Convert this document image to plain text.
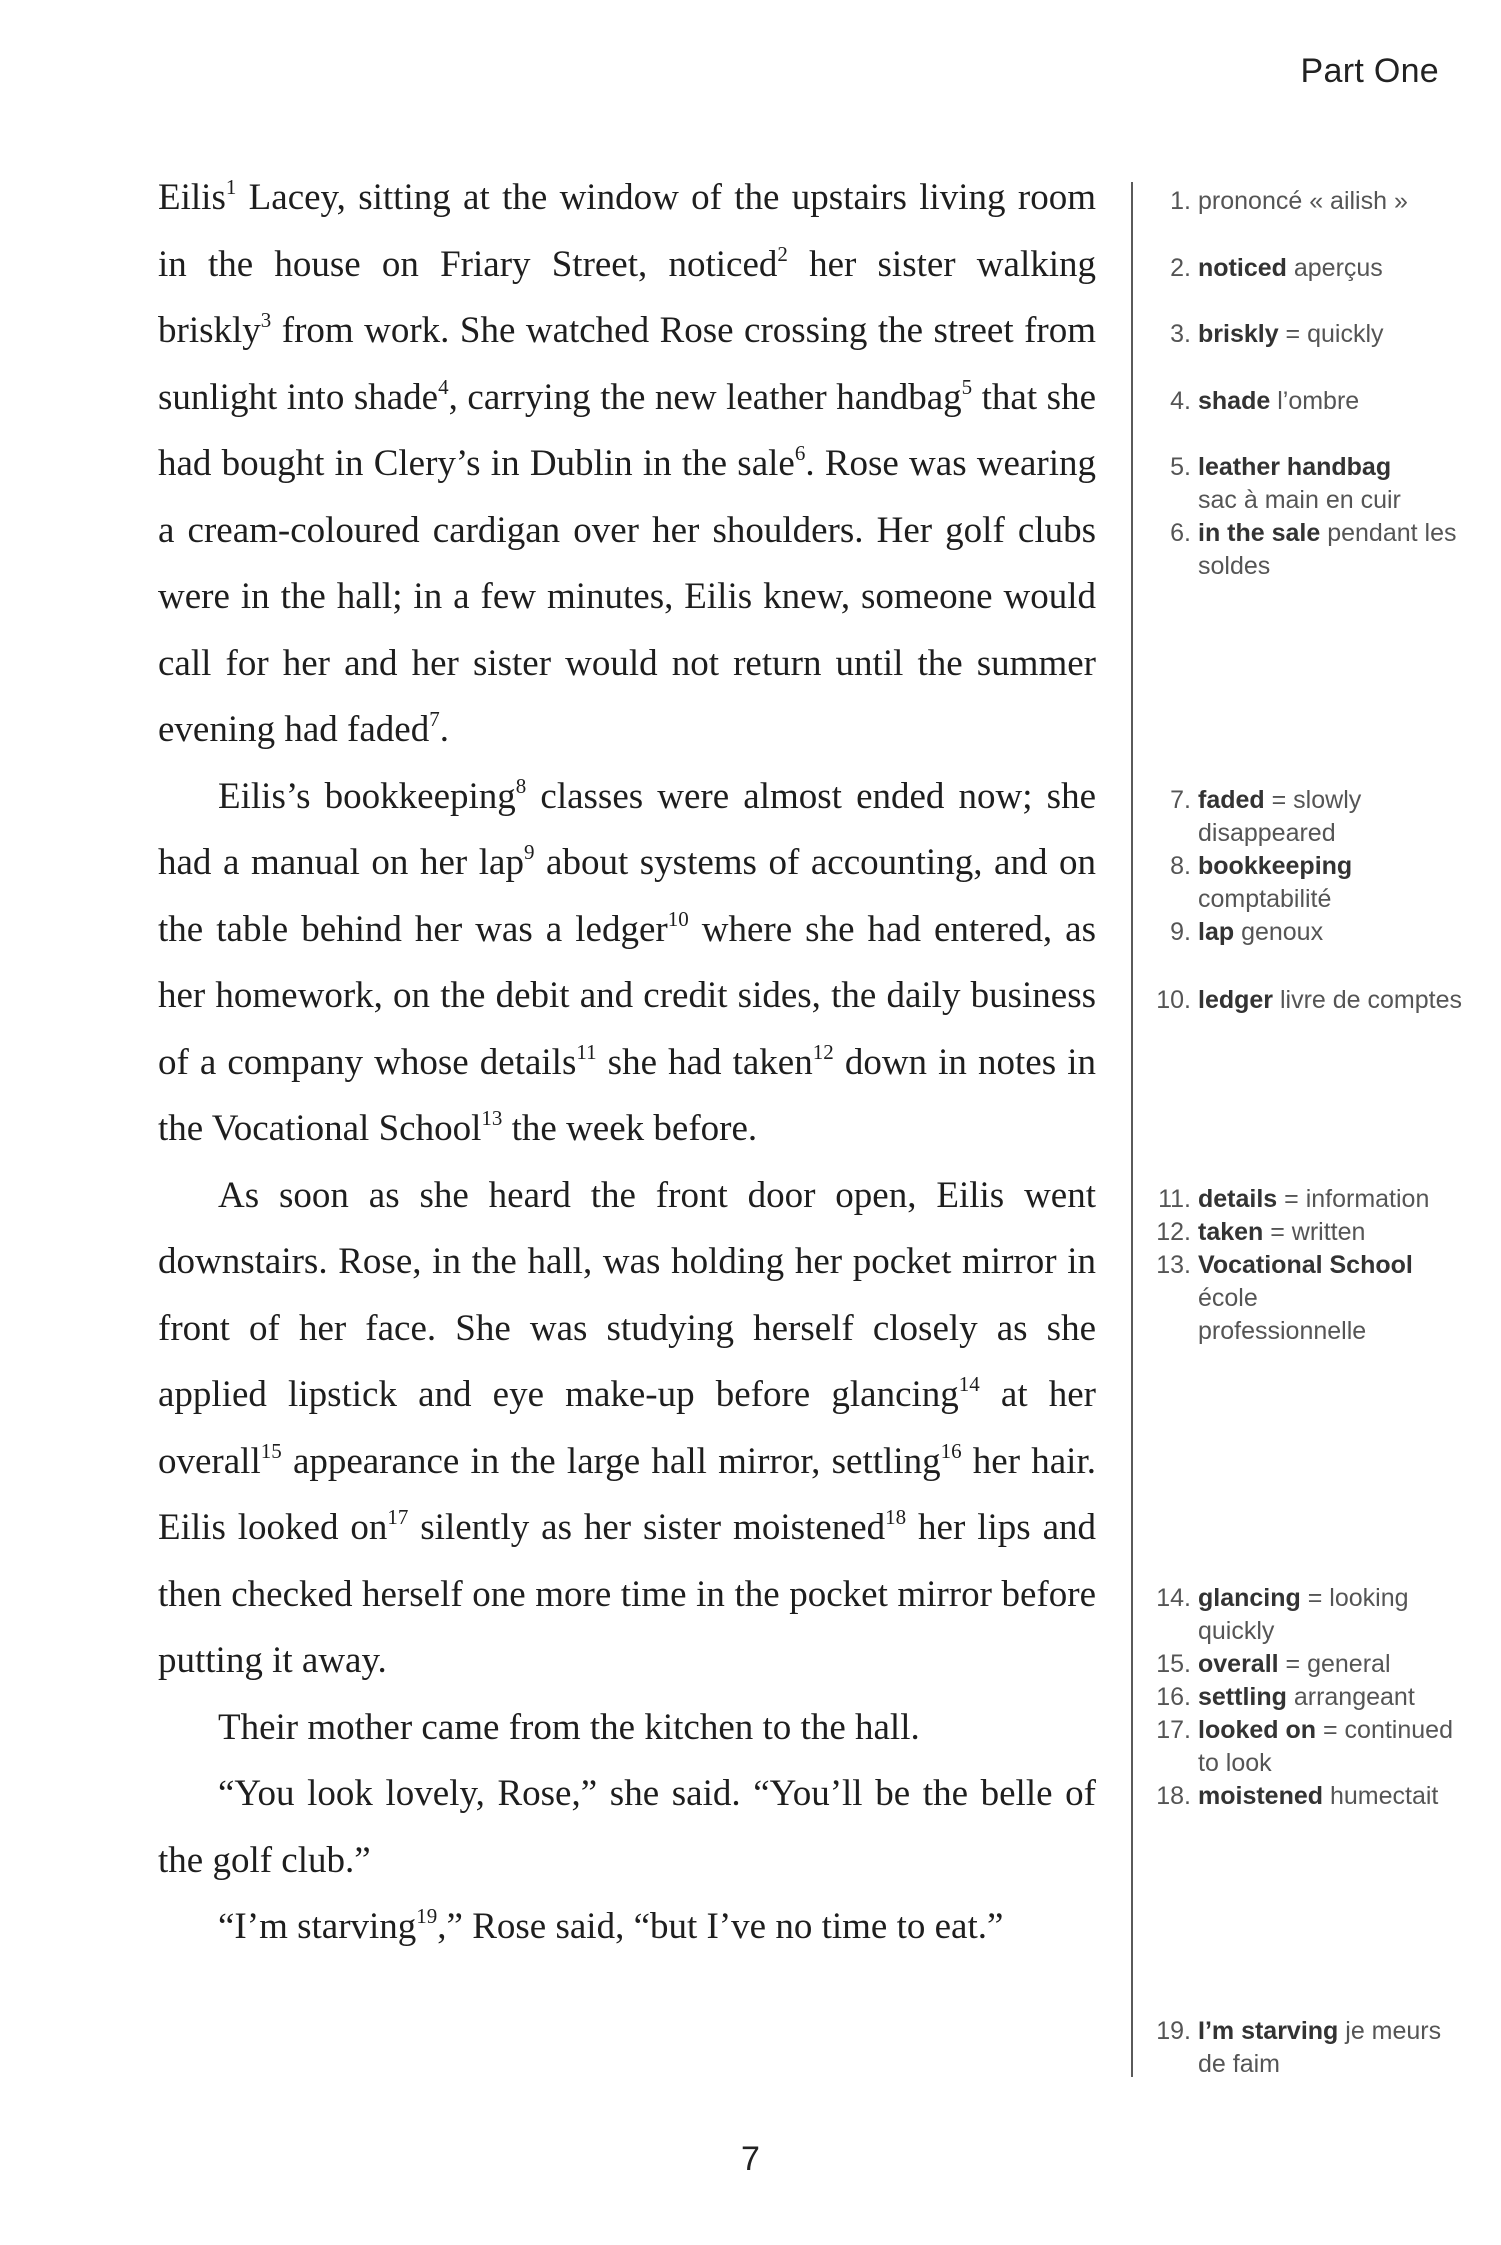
Part One

Eilis$^1$ Lacey, sitting at the window of the upstairs living room in the house on Friary Street, noticed$^2$ her sister walking briskly$^3$ from work. She watched Rose crossing the street from sunlight into shade$^4$, carrying the new leather handbag$^5$ that she had bought in Clery’s in Dublin in the sale$^6$. Rose was wearing a cream-coloured cardigan over her shoulders. Her golf clubs were in the hall; in a few minutes, Eilis knew, someone would call for her and her sister would not return until the summer evening had faded$^7$.

Eilis’s bookkeeping$^8$ classes were almost ended now; she had a manual on her lap$^9$ about systems of accounting, and on the table behind her was a ledger$^{10}$ where she had entered, as her homework, on the debit and credit sides, the daily business of a company whose details$^{11}$ she had taken$^{12}$ down in notes in the Vocational School$^{13}$ the week before.

As soon as she heard the front door open, Eilis went downstairs. Rose, in the hall, was holding her pocket mirror in front of her face. She was studying herself closely as she applied lipstick and eye make-up before glancing$^{14}$ at her overall$^{15}$ appearance in the large hall mirror, settling$^{16}$ her hair. Eilis looked $on^{17}$ silently as her sister moistened$^{18}$ her lips and then checked herself one more time in the pocket mirror before putting it away.

Their mother came from the kitchen to the hall.

“You look lovely, Rose,” she said. “You’ll be the belle of the golf club.”

“I’m starving$^{19}$,” Rose said, “but I’ve no time to eat.”

1. prononcé « ailish »
2. noticed aperçus
3. briskly = quickly
4. shade l’ombre
5. leather handbag sac à main en cuir
6. in the sale pendant les soldes
7. faded = slowly disappeared
8. bookkeeping comptabilité
9. lap genoux
10. ledger livre de comptes
11. details = information
12. taken = written
13. Vocational School école professionnelle
14. glancing = looking quickly
15. overall = general
16. settling arrangeant
17. looked on = continued to look
18. moistened humectait
19. I’m starving je meurs de faim
7
